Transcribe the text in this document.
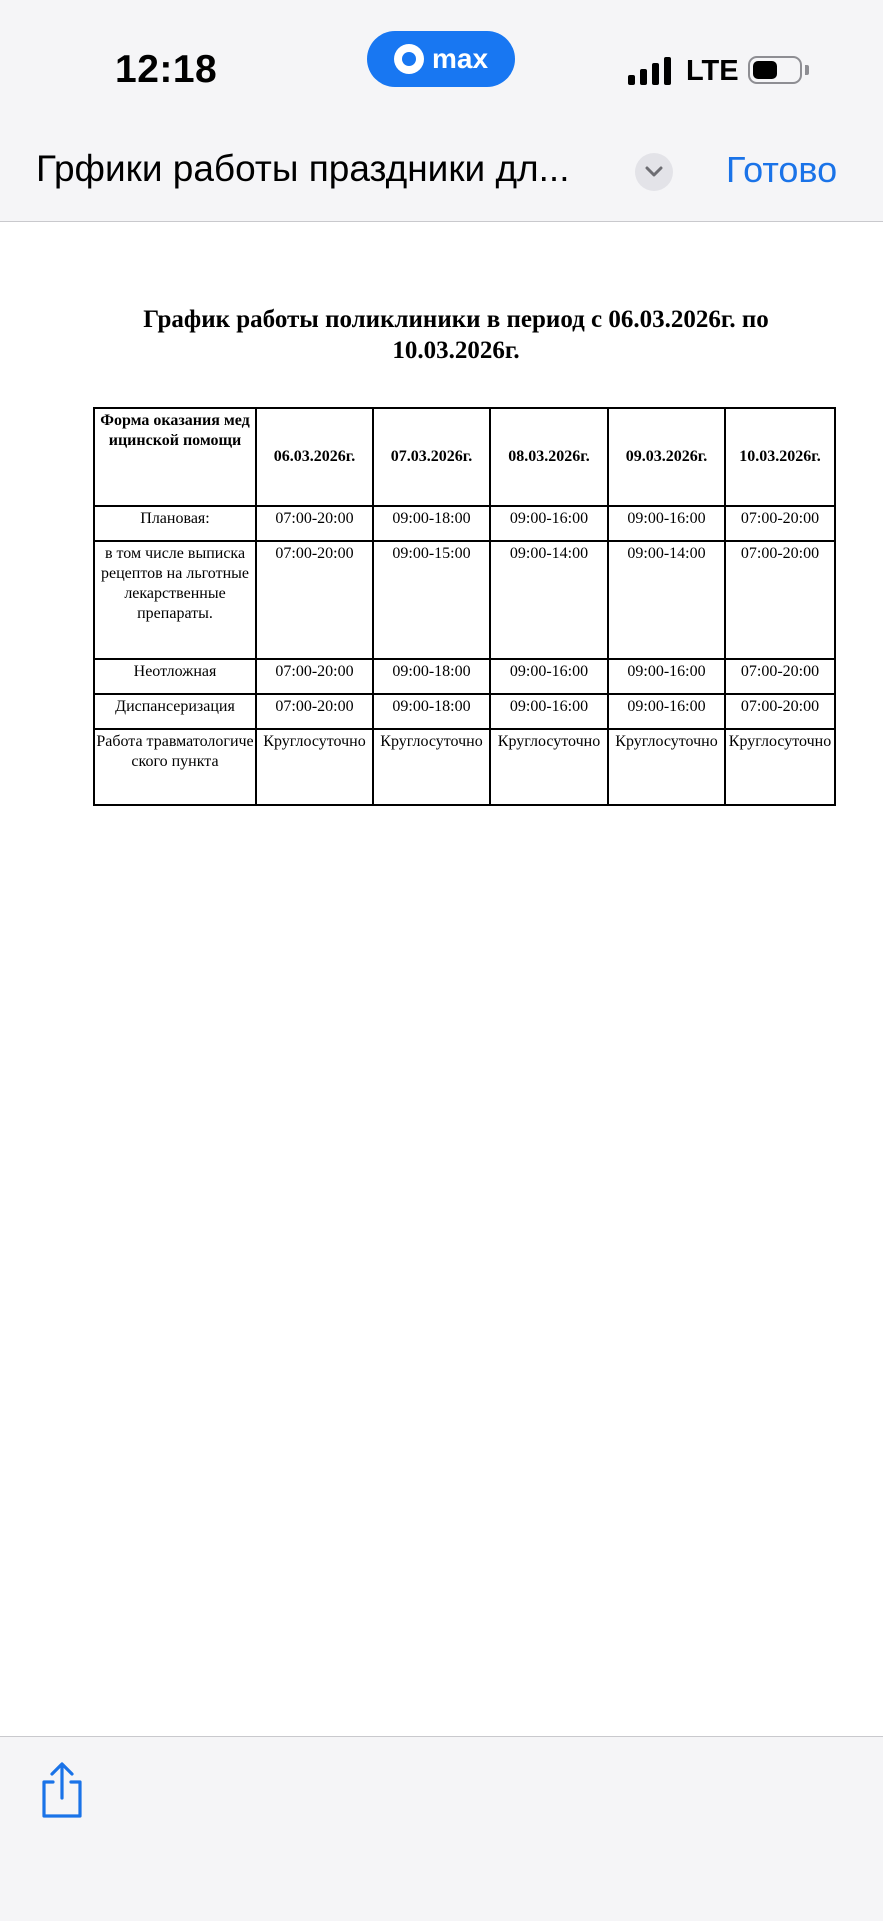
12:18	max	LTE
Грфики работы праздники дл...	Готово
График работы поликлиники в период с 06.03.2026г. по 10.03.2026г.
Форма оказания медицинской помощи	06.03.2026г.	07.03.2026г.	08.03.2026г.	09.03.2026г.	10.03.2026г.
Плановая:	07:00-20:00	09:00-18:00	09:00-16:00	09:00-16:00	07:00-20:00
в том числе выписка рецептов на льготные лекарственные препараты.	07:00-20:00	09:00-15:00	09:00-14:00	09:00-14:00	07:00-20:00
Неотложная	07:00-20:00	09:00-18:00	09:00-16:00	09:00-16:00	07:00-20:00
Диспансеризация	07:00-20:00	09:00-18:00	09:00-16:00	09:00-16:00	07:00-20:00
Работа травматологического пункта	Круглосуточно	Круглосуточно	Круглосуточно	Круглосуточно	Круглосуточно
